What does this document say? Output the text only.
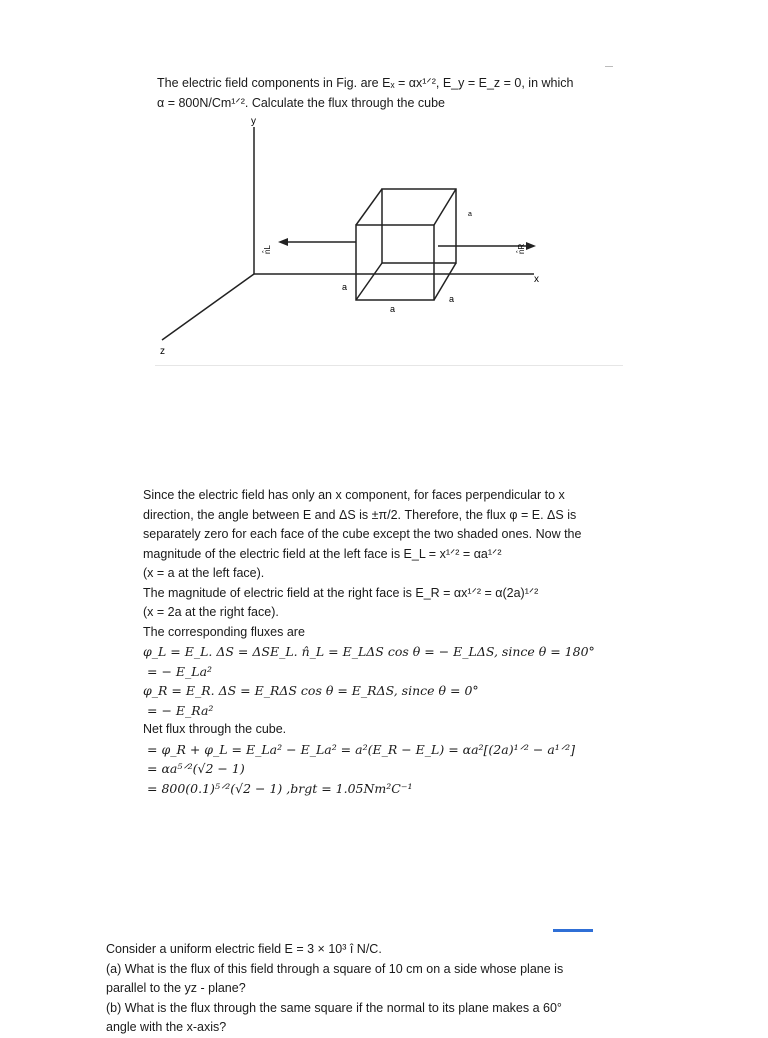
The electric field components in Fig. are Eₓ = αx¹ᐟ², E_y = E_z = 0, in which
α = 800N/Cm¹ᐟ². Calculate the flux through the cube
y
x
z
n̂L	n̂R
a
a
a
a
Since the electric field has only an x component, for faces perpendicular to x
direction, the angle between E and ΔS is ±π/2. Therefore, the flux φ = E. ΔS is
separately zero for each face of the cube except the two shaded ones. Now the
magnitude of the electric field at the left face is E_L = x¹ᐟ² = αa¹ᐟ²
(x = a at the left face).
The magnitude of electric field at the right face is E_R = αx¹ᐟ² = α(2a)¹ᐟ²
(x = 2a at the right face).
The corresponding fluxes are
φ_L = E_L. ΔS = ΔSE_L. n̂_L = E_LΔS cos θ = − E_LΔS, since θ = 180°
= − E_La²
φ_R = E_R. ΔS = E_RΔS cos θ = E_RΔS, since θ = 0°
= − E_Ra²
Net flux through the cube.
= φ_R + φ_L = E_La² − E_La² = a²(E_R − E_L) = αa²[(2a)¹ᐟ² − a¹ᐟ²]
= αa⁵ᐟ²(√2 − 1)
= 800(0.1)⁵ᐟ²(√2 − 1) ,brgt = 1.05Nm²C⁻¹
Consider a uniform electric field E = 3 × 10³ î N/C.
(a) What is the flux of this field through a square of 10 cm on a side whose plane is
parallel to the yz - plane?
(b) What is the flux through the same square if the normal to its plane makes a 60°
angle with the x-axis?
